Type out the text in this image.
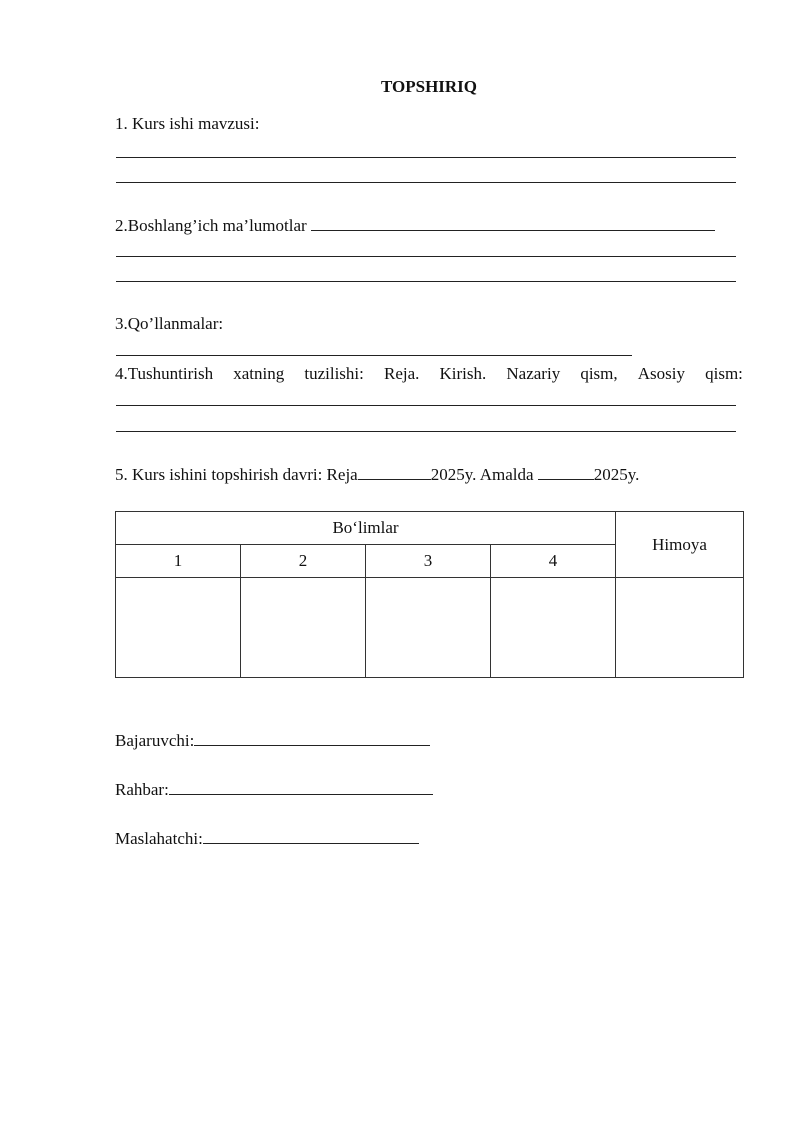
TOPSHIRIQ
1. Kurs ishi mavzusi:
2.Boshlang’ich ma’lumotlar
3.Qo’llanmalar:
4.Tushuntirish xatning tuzilishi: Reja. Kirish. Nazariy qism, Asosiy qism:
5. Kurs ishini topshirish davri: Reja	2025y. Amalda	2025y.
Bo‘limlar				Himoya
1	2	3	4	

Bajaruvchi:
Rahbar:
Maslahatchi:
